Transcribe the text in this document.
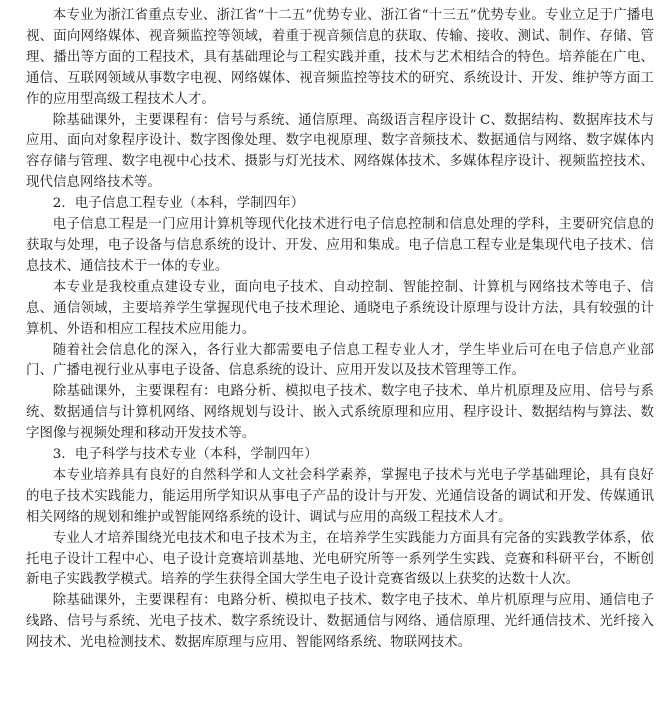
本专业为浙江省重点专业、浙江省“十二五”优势专业、浙江省“十三五”优势专业。专业立足于广播电视、面向网络媒体、视音频监控等领域，着重于视音频信息的获取、传输、接收、测试、制作、存储、管理、播出等方面的工程技术，具有基础理论与工程实践并重，技术与艺术相结合的特色。培养能在广电、通信、互联网领域从事数字电视、网络媒体、视音频监控等技术的研究、系统设计、开发、维护等方面工作的应用型高级工程技术人才。

除基础课外，主要课程有：信号与系统、通信原理、高级语言程序设计 C、数据结构、数据库技术与应用、面向对象程序设计、数字图像处理、数字电视原理、数字音频技术、数据通信与网络、数字媒体内容存储与管理、数字电视中心技术、摄影与灯光技术、网络媒体技术、多媒体程序设计、视频监控技术、现代信息网络技术等。

2．电子信息工程专业（本科，学制四年）

电子信息工程是一门应用计算机等现代化技术进行电子信息控制和信息处理的学科，主要研究信息的获取与处理，电子设备与信息系统的设计、开发、应用和集成。电子信息工程专业是集现代电子技术、信息技术、通信技术于一体的专业。

本专业是我校重点建设专业，面向电子技术、自动控制、智能控制、计算机与网络技术等电子、信息、通信领域，主要培养学生掌握现代电子技术理论、通晓电子系统设计原理与设计方法，具有较强的计算机、外语和相应工程技术应用能力。

随着社会信息化的深入，各行业大都需要电子信息工程专业人才，学生毕业后可在电子信息产业部门、广播电视行业从事电子设备、信息系统的设计、应用开发以及技术管理等工作。

除基础课外，主要课程有：电路分析、模拟电子技术、数字电子技术、单片机原理及应用、信号与系统、数据通信与计算机网络、网络规划与设计、嵌入式系统原理和应用、程序设计、数据结构与算法、数字图像与视频处理和移动开发技术等。

3．电子科学与技术专业（本科，学制四年）

本专业培养具有良好的自然科学和人文社会科学素养，掌握电子技术与光电子学基础理论，具有良好的电子技术实践能力，能运用所学知识从事电子产品的设计与开发、光通信设备的调试和开发、传媒通讯相关网络的规划和维护或智能网络系统的设计、调试与应用的高级工程技术人才。

专业人才培养围绕光电技术和电子技术为主，在培养学生实践能力方面具有完备的实践教学体系，依托电子设计工程中心、电子设计竞赛培训基地、光电研究所等一系列学生实践、竞赛和科研平台，不断创新电子实践教学模式。培养的学生获得全国大学生电子设计竞赛省级以上获奖的达数十人次。

除基础课外，主要课程有：电路分析、模拟电子技术、数字电子技术、单片机原理与应用、通信电子线路、信号与系统、光电子技术、数字系统设计、数据通信与网络、通信原理、光纤通信技术、光纤接入网技术、光电检测技术、数据库原理与应用、智能网络系统、物联网技术。
